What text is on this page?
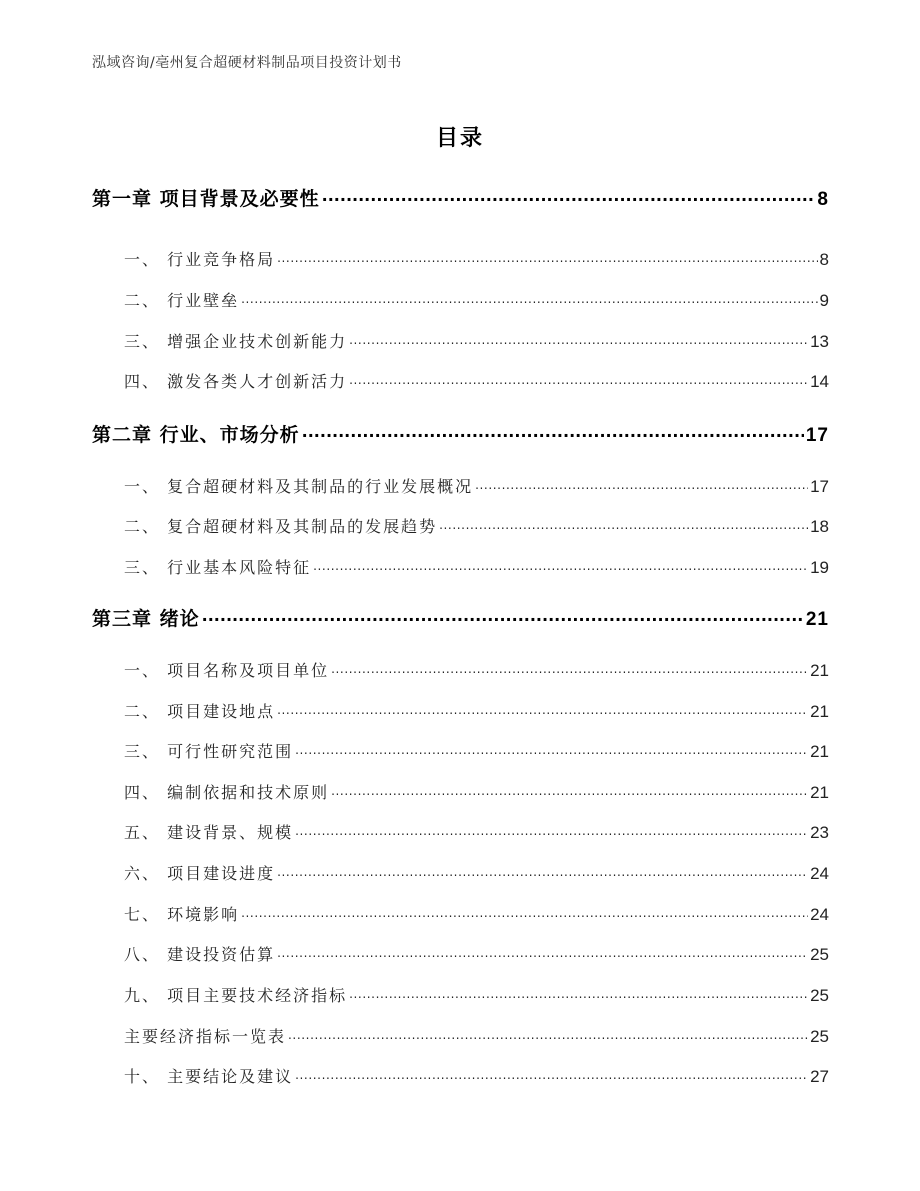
泓域咨询/亳州复合超硬材料制品项目投资计划书
目录
第一章 项目背景及必要性 .....	8
一、 行业竞争格局 .....	8
二、 行业壁垒 .....	9
三、 增强企业技术创新能力 .....	13
四、 激发各类人才创新活力 .....	14
第二章 行业、市场分析 .....	17
一、 复合超硬材料及其制品的行业发展概况 .....	17
二、 复合超硬材料及其制品的发展趋势 .....	18
三、 行业基本风险特征 .....	19
第三章 绪论 .....	21
一、 项目名称及项目单位 .....	21
二、 项目建设地点 .....	21
三、 可行性研究范围 .....	21
四、 编制依据和技术原则 .....	21
五、 建设背景、规模 .....	23
六、 项目建设进度 .....	24
七、 环境影响 .....	24
八、 建设投资估算 .....	25
九、 项目主要技术经济指标 .....	25
主要经济指标一览表 .....	25
十、 主要结论及建议 .....	27
